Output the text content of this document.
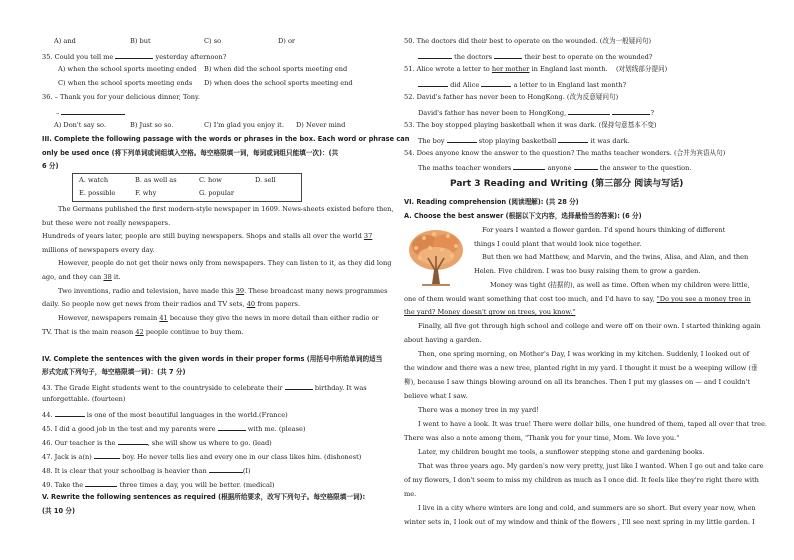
A) and	B) but	C) so	D) or
35. Could you tell me	yesterday afternoon?
A) when the school sports meeting ended B) when did the school sports meeting end
C) when the school sports meeting ends D) when does the school sports meeting end
36. – Thank you for your delicious dinner, Tony.
–
A) Don't say so.	B) Just so so.	C) I'm glad you enjoy it. D) Never mind
III. Complete the following passage with the words or phrases in the box. Each word or phrase can
only be used once (将下列单词或词组填入空格。每空格限填一词，每词或词组只能填一次)：(共
6 分)
A. watch	B. as well as	C. how	D. sell
E. possible	F. why	G. popular
The Germans published the first modern-style newspaper in 1609. News-sheets existed before then,
but these were not really newspapers.
Hundreds of years later, people are still buying newspapers. Shops and stalls all over the world 37
millions of newspapers every day.
However, people do not get their news only from newspapers. They can listen to it, as they did long
ago, and they can 38 it.
Two inventions, radio and television, have made this 39. These broadcast many news programmes
daily. So people now get news from their radios and TV sets, 40 from papers.
However, newspapers remain 41 because they give the news in more detail than either radio or
TV. That is the main reason 42 people continue to buy them.
IV. Complete the sentences with the given words in their proper forms (用括号中所给单词的适当
形式完成下列句子，每空格限填一词)：(共 7 分)
43. The Grade Eight students went to the countryside to celebrate their	birthday. It was
unforgettable. (fourteen)
44.	is one of the most beautiful languages in the world.(France)
45. I did a good job in the test and my parents were	with me. (please)
46. Our teacher is the	, she will show us where to go. (lead)
47. Jack is a(n)	boy. He never tells lies and every one in our class likes him. (dishonest)
48. It is clear that your schoolbag is heavier than	(I)
49. Take the	three times a day, you will be better. (medical)
V. Rewrite the following sentences as required (根据所给要求，改写下列句子。每空格限填一词):
(共 10 分)
50. The doctors did their best to operate on the wounded. (改为一般疑问句)
the doctors	their best to operate on the wounded?
51. Alice wrote a letter to her mother in England last month. (对划线部分提问)
did Alice	a letter to in England last month?
52. David's father has never been to HongKong. (改为反意疑问句)
David's father has never been to HongKong,	?
53. The boy stopped playing basketball when it was dark. (保持句意基本不变)
The boy	stop playing basketball	it was dark.
54. Does anyone know the answer to the question? The maths teacher wonders. (合并为宾语从句)
The maths teacher wonders	anyone	the answer to the question.
Part 3 Reading and Writing (第三部分 阅读与写话)
VI. Reading comprehension (阅读理解): (共 28 分)
A. Choose the best answer (根据以下文内容，选择最恰当的答案): (6 分)
For years I wanted a flower garden. I'd spend hours thinking of different
things I could plant that would look nice together.
But then we had Matthew, and Marvin, and the twins, Alisa, and Alan, and then
Helen. Five children. I was too busy raising them to grow a garden.
Money was tight (拮据的), as well as time. Often when my children were little,
one of them would want something that cost too much, and I'd have to say, "Do you see a money tree in
the yard? Money doesn't grow on trees, you know."
Finally, all five got through high school and college and were off on their own. I started thinking again
about having a garden.
Then, one spring morning, on Mother's Day, I was working in my kitchen. Suddenly, I looked out of
the window and there was a new tree, planted right in my yard. I thought it must be a weeping willow (垂
柳), because I saw things blowing around on all its branches. Then I put my glasses on — and I couldn't
believe what I saw.
There was a money tree in my yard!
I went to have a look. It was true! There were dollar bills, one hundred of them, taped all over that tree.
There was also a note among them, "Thank you for your time, Mom. We love you."
Later, my children bought me tools, a sunflower stepping stone and gardening books.
That was three years ago. My garden's now very pretty, just like I wanted. When I go out and take care
of my flowers, I don't seem to miss my children as much as I once did. It feels like they're right there with
me.
I live in a city where winters are long and cold, and summers are so short. But every year now, when
winter sets in, I look out of my window and think of the flowers , I'll see next spring in my little garden. I
